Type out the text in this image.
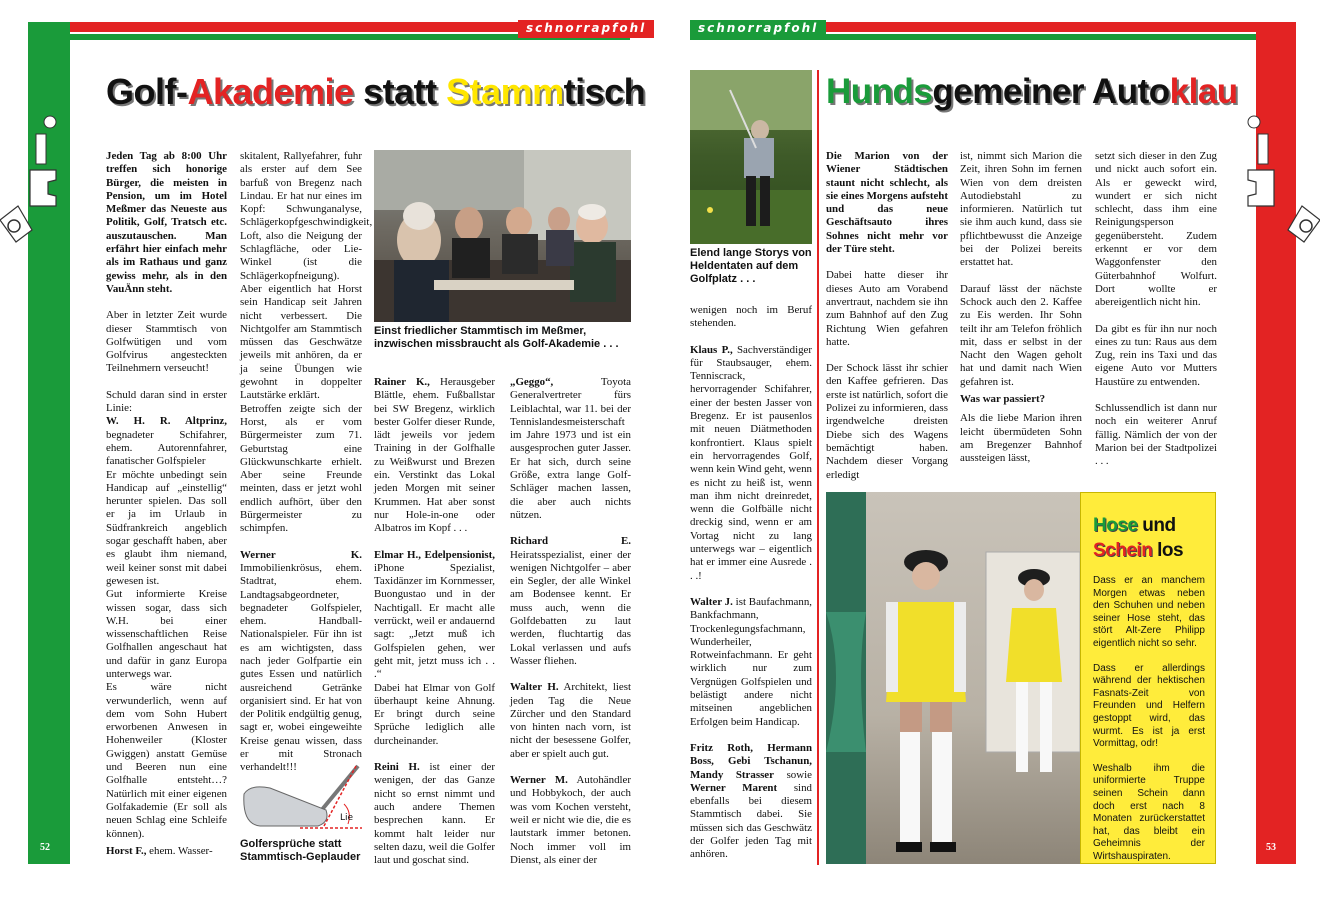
schnorrapfohl
Golf-Akademie statt Stammtisch

Jeden Tag ab 8:00 Uhr treffen sich honorige Bürger, die meisten in Pension, um im Hotel Meßmer das Neueste aus Politik, Golf, Tratsch etc. auszutauschen. Man erfährt hier einfach mehr als im Rathaus und ganz gewiss mehr, als in den VauÄnn steht.

Aber in letzter Zeit wurde dieser Stammtisch von Golfwütigen und vom Golfvirus angesteckten Teilnehmern verseucht!

Schuld daran sind in erster Linie:

W. H. R. Altprinz, begnadeter Schifahrer, ehem. Autorennfahrer, fanatischer Golfspieler

Er möchte unbedingt sein Handicap auf „einstellig“ herunter spielen. Das soll er ja im Urlaub in Südfrankreich angeblich sogar geschafft haben, aber es glaubt ihm niemand, weil keiner sonst mit dabei gewesen ist.

Gut informierte Kreise wissen sogar, dass sich W.H. bei einer wissenschaftlichen Reise Golfhallen angeschaut hat und dafür in ganz Europa unterwegs war.

Es wäre nicht verwunderlich, wenn auf dem vom Sohn Hubert erworbenen Anwesen in Hohenweiler (Kloster Gwiggen) anstatt Gemüse und Beeren nun eine Golfhalle entsteht…? Natürlich mit einer eigenen Golfakademie (Er soll als neuen Schlag eine Schleife können).

Horst F., ehem. Wasser-

skitalent, Rallyefahrer, fuhr als erster auf dem See barfuß von Bregenz nach Lindau. Er hat nur eines im Kopf: Schwunganalyse, Schlägerkopfgeschwindigkeit, Loft, also die Neigung der Schlagfläche, oder Lie-Winkel (ist die Schlägerkopfneigung). Aber eigentlich hat Horst sein Handicap seit Jahren nicht verbessert. Die Nichtgolfer am Stammtisch müssen das Geschwätze jeweils mit anhören, da er ja seine Übungen wie gewohnt in doppelter Lautstärke erklärt.

Betroffen zeigte sich der Horst, als er vom Bürgermeister zum 71. Geburtstag eine Glückwunschkarte erhielt. Aber seine Freunde meinten, dass er jetzt wohl endlich aufhört, über den Bürgermeister zu schimpfen.

Werner K. Immobilienkrösus, ehem. Stadtrat, ehem. Landtagsabgeordneter, begnadeter Golfspieler, ehem. Handball-Nationalspieler. Für ihn ist es am wichtigsten, dass nach jeder Golfpartie ein gutes Essen und natürlich ausreichend Getränke organisiert sind. Er hat von der Politik endgültig genug, sagt er, wobei eingeweihte Kreise genau wissen, dass er mit Stronach verhandelt!!!

Einst friedlicher Stammtisch im Meßmer, inzwischen missbraucht als Golf-Akademie . . .

Rainer K., Herausgeber Blättle, ehem. Fußballstar bei SW Bregenz, wirklich bester Golfer dieser Runde, lädt jeweils vor jedem Training in der Golfhalle zu Weißwurst und Brezen ein. Verstinkt das Lokal jeden Morgen mit seiner Krummen. Hat aber sonst nur Hole-in-one oder Albatros im Kopf . . .

Elmar H., Edelpensionist, iPhone Spezialist, Taxidänzer im Kornmesser, Buongustao und in der Nachtigall. Er macht alle verrückt, weil er andauernd sagt: „Jetzt muß ich Golfspielen gehen, wer geht mit, jetzt muss ich . . .“

Dabei hat Elmar von Golf überhaupt keine Ahnung. Er bringt durch seine Sprüche lediglich alle durcheinander.

Reini H. ist einer der wenigen, der das Ganze nicht so ernst nimmt und auch andere Themen besprechen kann. Er kommt halt leider nur selten dazu, weil die Golfer laut und goschat sind.

„Geggo“, Toyota Generalvertreter fürs Leiblachtal, war 11. bei der Tennislandesmeisterschaft im Jahre 1973 und ist ein ausgesprochen guter Jasser. Er hat sich, durch seine Größe, extra lange Golf-Schläger machen lassen, die aber auch nichts nützen.

Richard E. Heiratsspezialist, einer der wenigen Nichtgolfer – aber ein Segler, der alle Winkel am Bodensee kennt. Er muss auch, wenn die Golfdebatten zu laut werden, fluchtartig das Lokal verlassen und aufs Wasser fliehen.

Walter H. Architekt, liest jeden Tag die Neue Zürcher und den Standard von hinten nach vorn, ist nicht der besessene Golfer, aber er spielt auch gut.

Werner M. Autohändler und Hobbykoch, der auch was vom Kochen versteht, weil er nicht wie die, die es lautstark immer betonen. Noch immer voll im Dienst, als einer der

Lie
Golfersprüche statt Stammtisch-Geplauder
52
schnorrapfohl
Elend lange Storys von Heldentaten auf dem Golfplatz . . .

wenigen noch im Beruf stehenden.

Klaus P., Sachverständiger für Staubsauger, ehem. Tenniscrack, hervorragender Schifahrer, einer der besten Jasser von Bregenz. Er ist pausenlos mit neuen Diätmethoden konfrontiert. Klaus spielt ein hervorragendes Golf, wenn kein Wind geht, wenn es nicht zu heiß ist, wenn man ihm nicht dreinredet, wenn die Golfbälle nicht dreckig sind, wenn er am Vortag nicht zu lang unterwegs war – eigentlich hat er immer eine Ausrede . . .!

Walter J. ist Baufachmann, Bankfachmann, Trockenlegungsfachmann, Wunderheiler, Rotweinfachmann. Er geht wirklich nur zum Vergnügen Golfspielen und belästigt andere nicht mitseinen angeblichen Erfolgen beim Handicap.

Fritz Roth, Hermann Boss, Gebi Tschanun, Mandy Strasser sowie Werner Marent sind ebenfalls bei diesem Stammtisch dabei. Sie müssen sich das Geschwätz der Golfer jeden Tag mit anhören.

Hundsgemeiner Autoklau

Die Marion von der Wiener Städtischen staunt nicht schlecht, als sie eines Morgens aufsteht und das neue Geschäftsauto ihres Sohnes nicht mehr vor der Türe steht.

Dabei hatte dieser ihr dieses Auto am Vorabend anvertraut, nachdem sie ihn zum Bahnhof auf den Zug Richtung Wien gefahren hatte.

Der Schock lässt ihr schier den Kaffee gefrieren. Das erste ist natürlich, sofort die Polizei zu informieren, dass irgendwelche dreisten Diebe sich des Wagens bemächtigt haben. Nachdem dieser Vorgang erledigt

ist, nimmt sich Marion die Zeit, ihren Sohn im fernen Wien von dem dreisten Autodiebstahl zu informieren. Natürlich tut sie ihm auch kund, dass sie pflichtbewusst die Anzeige bei der Polizei bereits erstattet hat.

Darauf lässt der nächste Schock auch den 2. Kaffee zu Eis werden. Ihr Sohn teilt ihr am Telefon fröhlich mit, dass er selbst in der Nacht den Wagen geholt hat und damit nach Wien gefahren ist.

Was war passiert?

Als die liebe Marion ihren leicht übermüdeten Sohn am Bregenzer Bahnhof aussteigen lässt,

setzt sich dieser in den Zug und nickt auch sofort ein. Als er geweckt wird, wundert er sich nicht schlecht, dass ihm eine Reinigungsperson gegenübersteht. Zudem erkennt er vor dem Waggonfenster den Güterbahnhof Wolfurt. Dort wollte er abereigentlich nicht hin.

Da gibt es für ihn nur noch eines zu tun: Raus aus dem Zug, rein ins Taxi und das eigene Auto vor Mutters Haustüre zu entwenden.

Schlussendlich ist dann nur noch ein weiterer Anruf fällig. Nämlich der von der Marion bei der Stadtpolizei . . .

Hose und
Schein los

Dass er an manchem Morgen etwas neben den Schuhen und neben seiner Hose steht, das stört Alt-Zere Philipp eigentlich nicht so sehr.

Dass er allerdings während der hektischen Fasnats-Zeit von Freunden und Helfern gestoppt wird, das wurmt. Es ist ja erst Vormittag, odr!

Weshalb ihm die uniformierte Truppe seinen Schein dann doch erst nach 8 Monaten zurückerstattet hat, das bleibt ein Geheimnis der Wirtshauspiraten.

53
